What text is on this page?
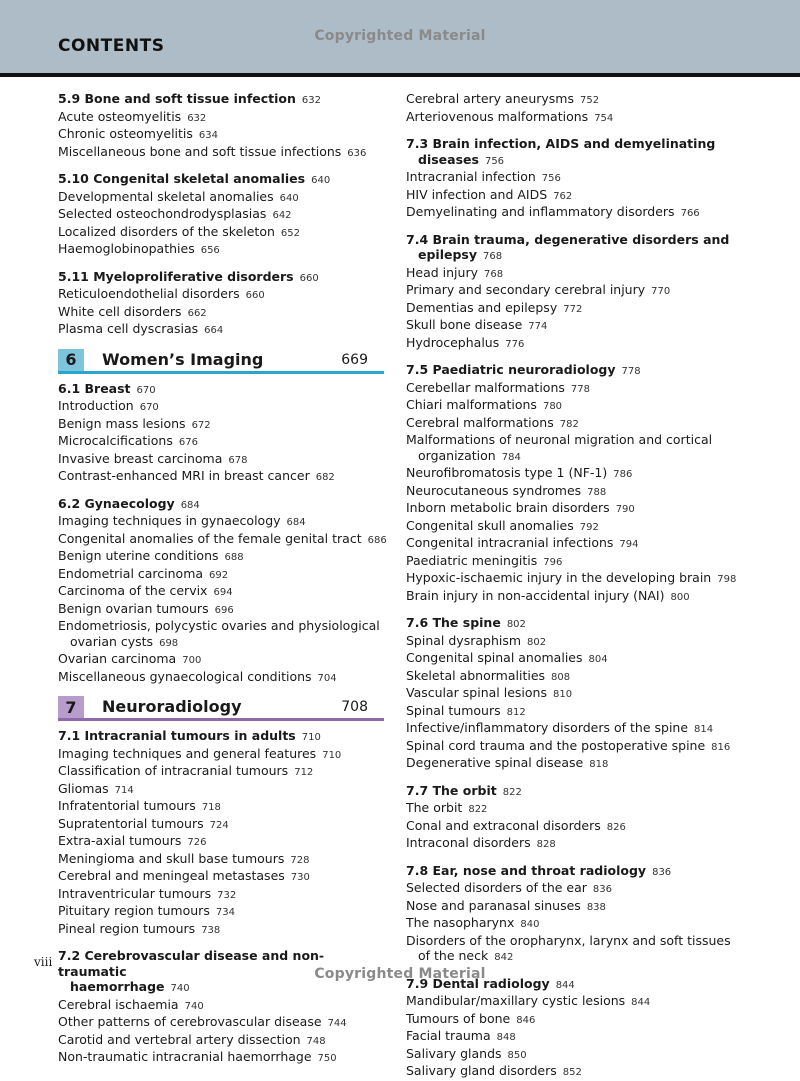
Copyrighted Material
CONTENTS
5.9 Bone and soft tissue infection 632
Acute osteomyelitis 632
Chronic osteomyelitis 634
Miscellaneous bone and soft tissue infections 636
5.10 Congenital skeletal anomalies 640
Developmental skeletal anomalies 640
Selected osteochondrodysplasias 642
Localized disorders of the skeleton 652
Haemoglobinopathies 656
5.11 Myeloproliferative disorders 660
Reticuloendothelial disorders 660
White cell disorders 662
Plasma cell dyscrasias 664
6	Women’s Imaging	669
6.1 Breast 670
Introduction 670
Benign mass lesions 672
Microcalcifications 676
Invasive breast carcinoma 678
Contrast-enhanced MRI in breast cancer 682
6.2 Gynaecology 684
Imaging techniques in gynaecology 684
Congenital anomalies of the female genital tract 686
Benign uterine conditions 688
Endometrial carcinoma 692
Carcinoma of the cervix 694
Benign ovarian tumours 696
Endometriosis, polycystic ovaries and physiological
ovarian cysts 698
Ovarian carcinoma 700
Miscellaneous gynaecological conditions 704
7	Neuroradiology	708
7.1 Intracranial tumours in adults 710
Imaging techniques and general features 710
Classification of intracranial tumours 712
Gliomas 714
Infratentorial tumours 718
Supratentorial tumours 724
Extra-axial tumours 726
Meningioma and skull base tumours 728
Cerebral and meningeal metastases 730
Intraventricular tumours 732
Pituitary region tumours 734
Pineal region tumours 738
7.2 Cerebrovascular disease and non-traumatic
haemorrhage 740
Cerebral ischaemia 740
Other patterns of cerebrovascular disease 744
Carotid and vertebral artery dissection 748
Non-traumatic intracranial haemorrhage 750
Cerebral artery aneurysms 752
Arteriovenous malformations 754
7.3 Brain infection, AIDS and demyelinating
diseases 756
Intracranial infection 756
HIV infection and AIDS 762
Demyelinating and inflammatory disorders 766
7.4 Brain trauma, degenerative disorders and
epilepsy 768
Head injury 768
Primary and secondary cerebral injury 770
Dementias and epilepsy 772
Skull bone disease 774
Hydrocephalus 776
7.5 Paediatric neuroradiology 778
Cerebellar malformations 778
Chiari malformations 780
Cerebral malformations 782
Malformations of neuronal migration and cortical
organization 784
Neurofibromatosis type 1 (NF-1) 786
Neurocutaneous syndromes 788
Inborn metabolic brain disorders 790
Congenital skull anomalies 792
Congenital intracranial infections 794
Paediatric meningitis 796
Hypoxic-ischaemic injury in the developing brain 798
Brain injury in non-accidental injury (NAI) 800
7.6 The spine 802
Spinal dysraphism 802
Congenital spinal anomalies 804
Skeletal abnormalities 808
Vascular spinal lesions 810
Spinal tumours 812
Infective/inflammatory disorders of the spine 814
Spinal cord trauma and the postoperative spine 816
Degenerative spinal disease 818
7.7 The orbit 822
The orbit 822
Conal and extraconal disorders 826
Intraconal disorders 828
7.8 Ear, nose and throat radiology 836
Selected disorders of the ear 836
Nose and paranasal sinuses 838
The nasopharynx 840
Disorders of the oropharynx, larynx and soft tissues
of the neck 842
7.9 Dental radiology 844
Mandibular/maxillary cystic lesions 844
Tumours of bone 846
Facial trauma 848
Salivary glands 850
Salivary gland disorders 852
viii
Copyrighted Material
